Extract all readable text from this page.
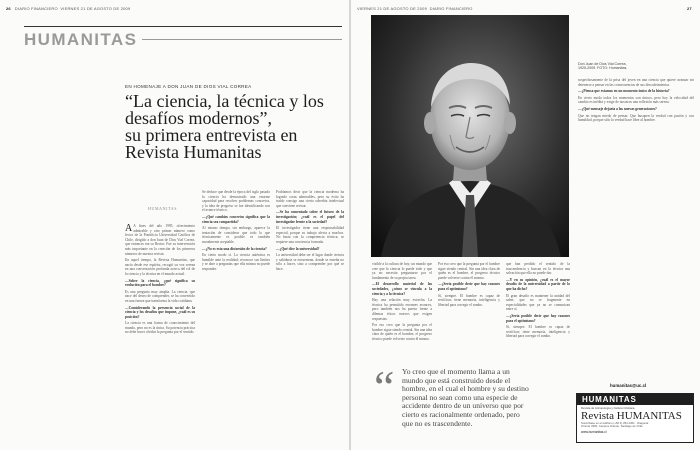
26 DIARIO FINANCIERO VIERNES 21 DE AGOSTO DE 2009
HUMANITAS
EN HOMENAJE A DON JUAN DE DIOS VIAL CORREA
“La ciencia, la técnica y los desafíos modernos”,
su primera entrevista en Revista Humanitas
HUMANITAS

A A fines del año 1995, ofrecimiento admirable y otro primer número como lector de la Pontificia Universidad Católica de Chile, dirigido a don Juan de Dios Vial Correa, que entonces era su Rector. Fue su intervención más importante en la creación de los primeros números de nuestra revista.

En aquel tiempo, la Revista Humanitas, que nacía desde ese espíritu, recogió su voz serena en una conversación profunda acerca del rol de la ciencia y la técnica en el mundo actual.

—Sobre la ciencia, ¿qué significa su evolución para el hombre?

Es una pregunta muy amplia. La ciencia, que nace del deseo de comprender, se ha convertido en una fuerza que transforma la vida cotidiana.

—Considerando la presencia social de la ciencia y los desafíos que impone, ¿cuál es su posición?

La ciencia es una forma de conocimiento del mundo, pero no es la única. Su potencia práctica no debe hacer olvidar la pregunta por el sentido.

Se deduce que desde la época del siglo pasado la ciencia ha demostrado una enorme capacidad para resolver problemas concretos, y la idea de progreso se fue identificando con el avance técnico.

—¿Qué cambios concretos significa que la ciencia sea compartida?

Al mismo tiempo, sin embargo, aparece la tentación de considerar que todo lo que técnicamente es posible es también moralmente aceptable.

—¿No es esta una distorsión de la ciencia?

En cierto modo sí. La ciencia auténtica es humilde ante la realidad; reconoce sus límites y se abre a preguntas que ella misma no puede responder.

Podríamos decir que la ciencia moderna ha logrado cosas admirables, pero su éxito ha traído consigo una cierta soberbia intelectual que conviene revisar.

—Se ha comentado sobre el futuro de la investigación; ¿cuál es el papel del investigador frente a la sociedad?

El investigador tiene una responsabilidad especial, porque su trabajo afecta a muchos. No basta con la competencia técnica; se requiere una conciencia formada.

—¿Qué dice la universidad?

La universidad debe ser el lugar donde ciencia y sabiduría se encuentran, donde se enseña no sólo a hacer, sino a comprender por qué se hace.

VIERNES 21 DE AGOSTO DE 2009 DIARIO FINANCIERO	27
Don Juan de Dios Vial Correa,
1925-2009. FOTO: Humanitas.

visible a la cultura de hoy; un mundo que cree que la ciencia lo puede todo y que ya no necesita preguntarse por el fundamento de su propia tarea.

—El desarrollo material de las sociedades, ¿cómo se vincula a la ciencia y a la técnica?

Hay una relación muy estrecha. La técnica ha permitido enormes avances, pero también nos ha puesto frente a dilemas éticos nuevos que exigen respuestas.

Por eso creo que la pregunta por el hombre sigue siendo central. Sin una idea clara de quién es el hombre, el progreso técnico puede volverse contra él mismo.

Por eso creo que la pregunta por el hombre sigue siendo central. Sin una idea clara de quién es el hombre, el progreso técnico puede volverse contra él mismo.

—¿Sería posible decir que hay razones para el optimismo?

Sí, siempre. El hombre es capaz de rectificar; tiene memoria, inteligencia y libertad para corregir el rumbo.

que han perdido el sentido de la trascendencia y buscan en la técnica una salvación que ella no puede dar.

—Y en su opinión, ¿cuál es el mayor desafío de la universidad a partir de lo que ha dicho?

El gran desafío es mantener la unidad del saber, que no se fragmente en especialidades que ya no se comunican entre sí.

—¿Sería posible decir que hay razones para el optimismo?

Sí, siempre. El hombre es capaz de rectificar; tiene memoria, inteligencia y libertad para corregir el rumbo.

sospechosamente de la prisa del joven en una ciencia que quiere avanzar sin detenerse a pensar en las consecuencias de sus descubrimientos.

—¿Piensa que estamos en un momento único de la historia?

En cierto modo todos los momentos son únicos, pero hoy la velocidad del cambio es inédita y exige de nosotros una reflexión más serena.

—¿Qué mensaje dejaría a las nuevas generaciones?

Que no tengan miedo de pensar. Que busquen la verdad con pasión y con humildad, porque sólo la verdad hace libre al hombre.

“ Yo creo que el momento llama a un mundo que está construido desde el hombre, en el cual el hombre y su destino personal no sean como una especie de accidente dentro de un universo que por cierto es racionalmente ordenado, pero que no es trascendente.
humanitas@uc.cl
HUMANITAS
Revista de Antropología y Cultura Cristiana
Revista HUMANITAS
Suscríbase en el teléfono (+56 2) 354 2401 · Diagonal
Oriente 3300, Campus Oriente, Santiago de Chile
www.humanitas.cl
